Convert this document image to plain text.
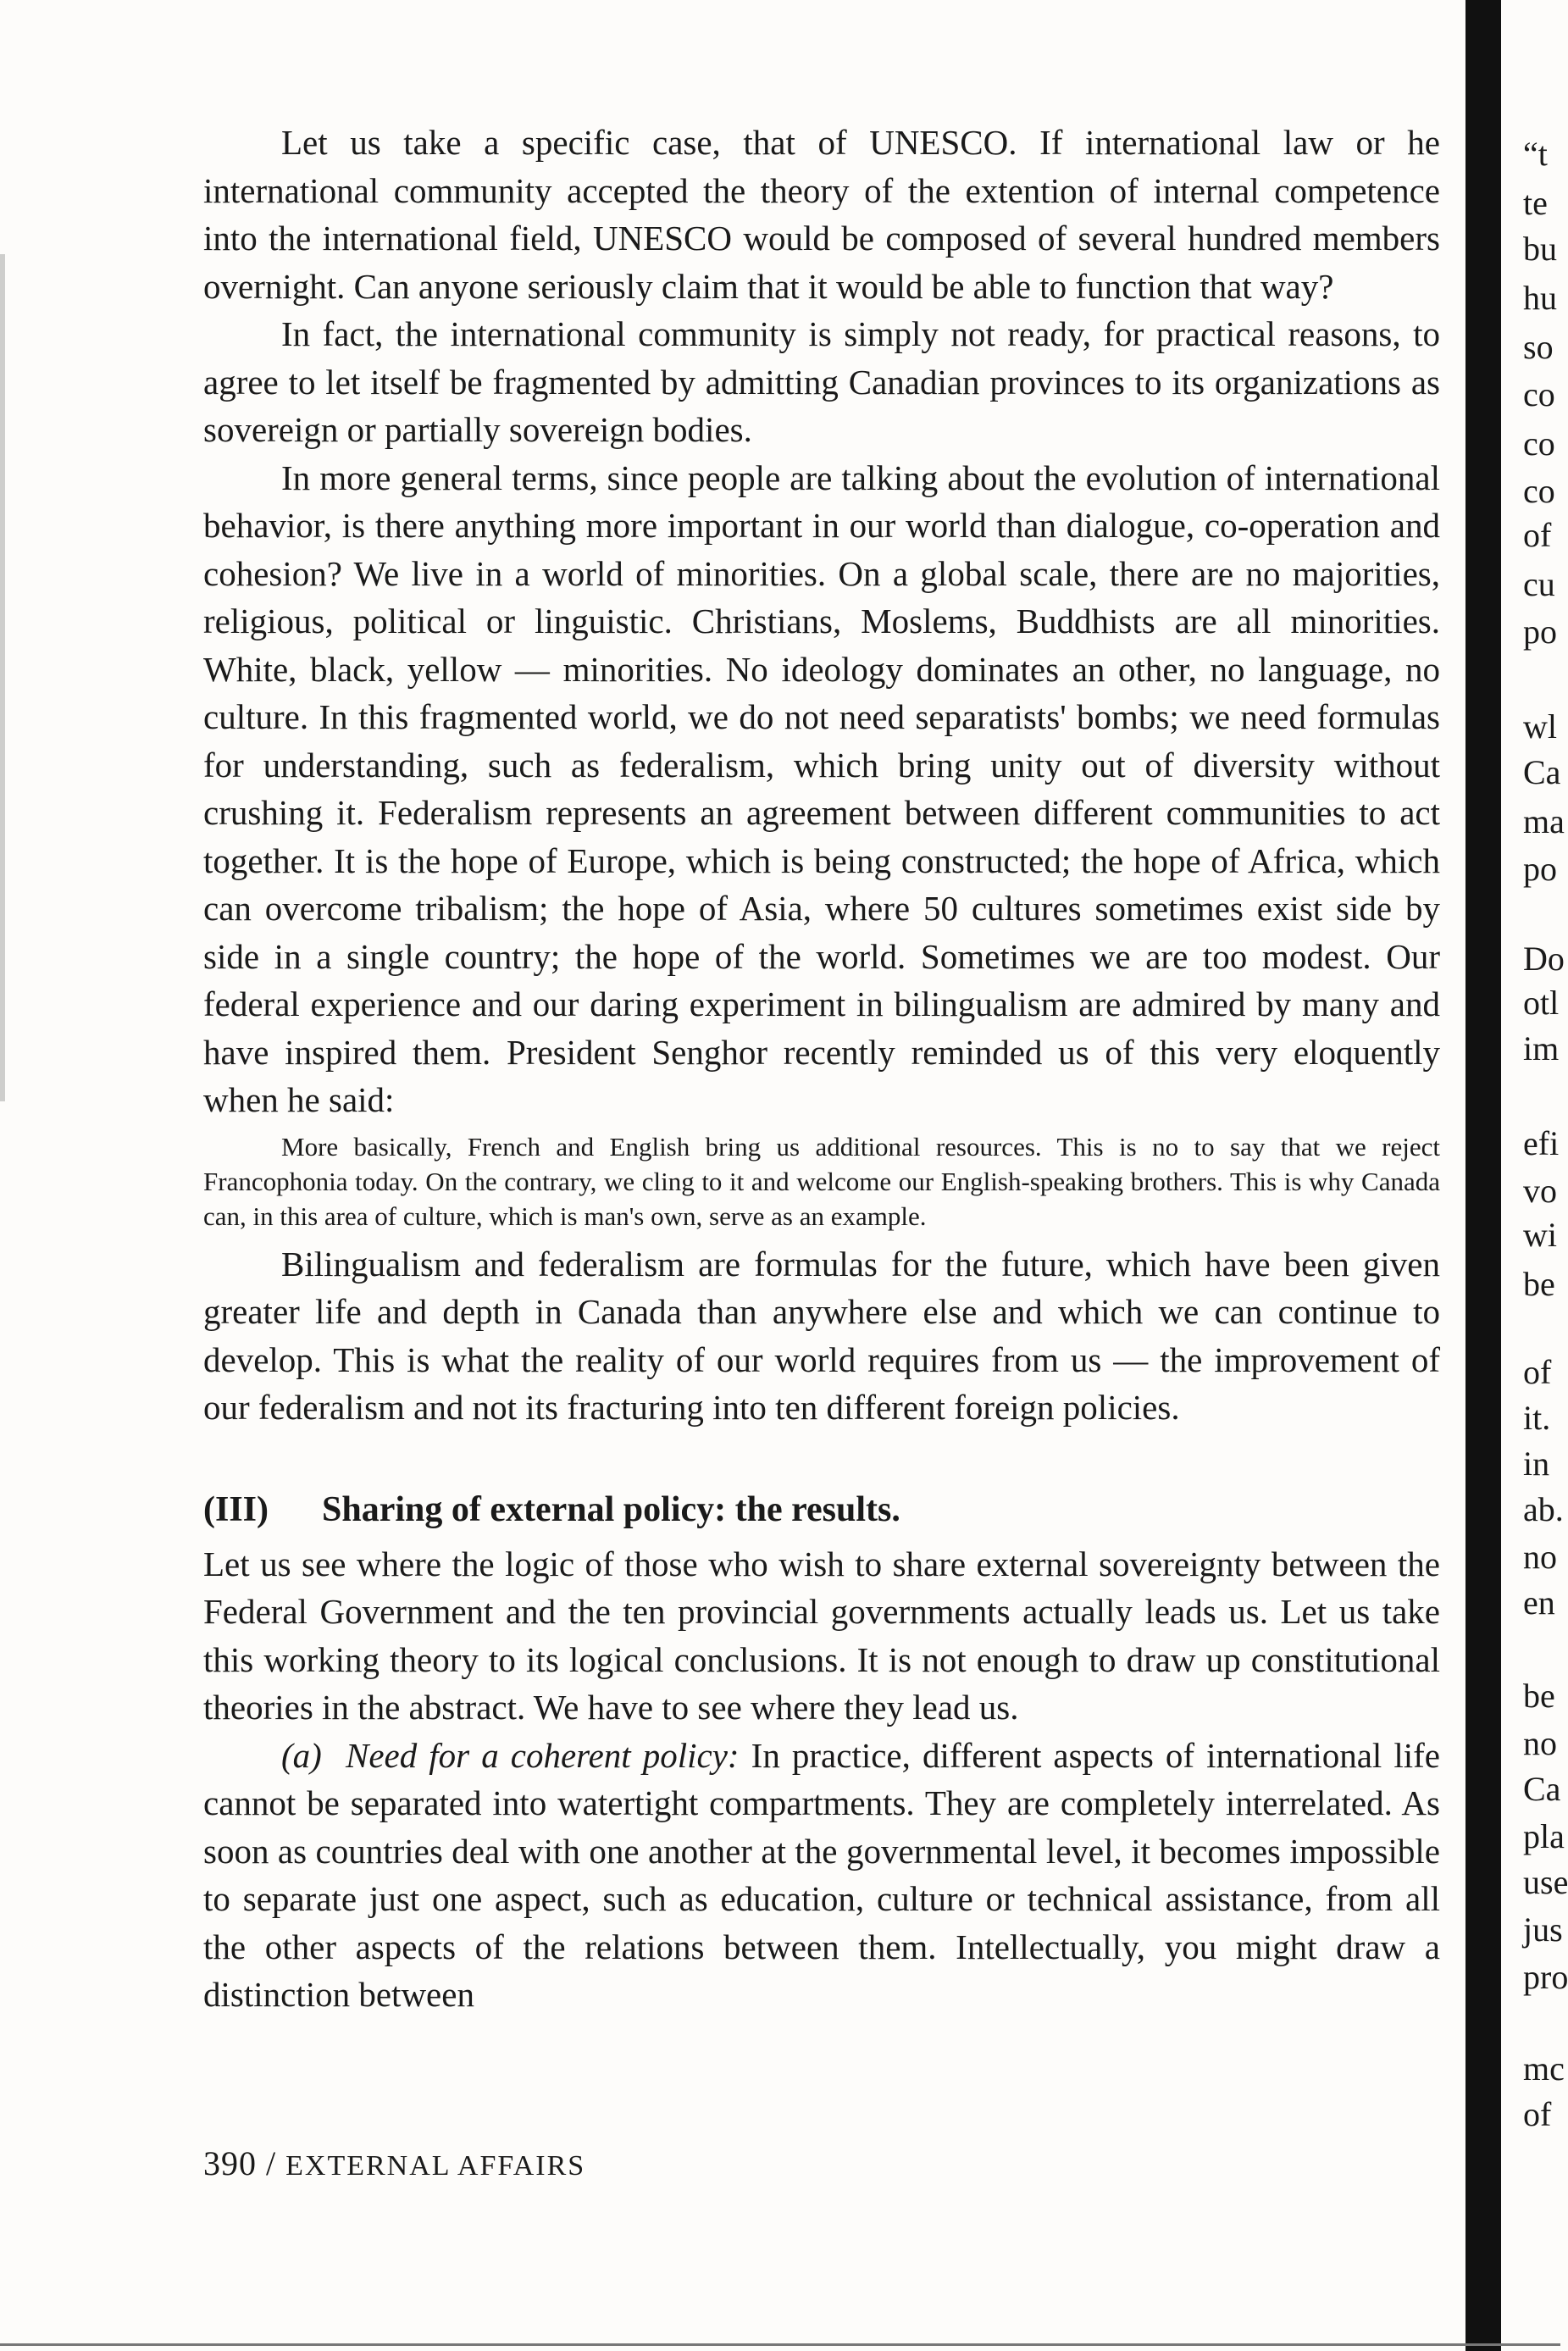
Let us take a specific case, that of UNESCO. If international law or he international community accepted the theory of the extention of internal competence into the international field, UNESCO would be composed of several hundred members overnight. Can anyone seriously claim that it would be able to function that way?

In fact, the international community is simply not ready, for practical reasons, to agree to let itself be fragmented by admitting Canadian provinces to its organizations as sovereign or partially sovereign bodies.

In more general terms, since people are talking about the evolution of international behavior, is there anything more important in our world than dialogue, co-operation and cohesion? We live in a world of minorities. On a global scale, there are no majorities, religious, political or linguistic. Christians, Moslems, Buddhists are all minorities. White, black, yellow — minorities. No ideology dominates an other, no language, no culture. In this fragmented world, we do not need separatists' bombs; we need formulas for understanding, such as federalism, which bring unity out of diversity without crushing it. Federalism represents an agreement between different communities to act together. It is the hope of Europe, which is being constructed; the hope of Africa, which can overcome tribalism; the hope of Asia, where 50 cultures sometimes exist side by side in a single country; the hope of the world. Sometimes we are too modest. Our federal experience and our daring experiment in bilingualism are admired by many and have inspired them. President Senghor recently reminded us of this very eloquently when he said:

More basically, French and English bring us additional resources. This is no to say that we reject Francophonia today. On the contrary, we cling to it and welcome our English-speaking brothers. This is why Canada can, in this area of culture, which is man's own, serve as an example.

Bilingualism and federalism are formulas for the future, which have been given greater life and depth in Canada than anywhere else and which we can continue to develop. This is what the reality of our world requires from us — the improvement of our federalism and not its fracturing into ten different foreign policies.

(III) Sharing of external policy: the results.

Let us see where the logic of those who wish to share external sovereignty between the Federal Government and the ten provincial governments actually leads us. Let us take this working theory to its logical conclusions. It is not enough to draw up constitutional theories in the abstract. We have to see where they lead us.

(a) Need for a coherent policy: In practice, different aspects of international life cannot be separated into watertight compartments. They are completely interrelated. As soon as countries deal with one another at the governmental level, it becomes impossible to separate just one aspect, such as education, culture or technical assistance, from all the other aspects of the relations between them. Intellectually, you might draw a distinction between

390 / EXTERNAL AFFAIRS
“t
te
bu
hu
so
co
co
co
of
cu
po
wl
Ca
ma
po
Do
otl
im
efi
vo
wi
be
of
it.
in
ab.
no
en
be
no
Ca
pla
use
jus
pro
mc
of
